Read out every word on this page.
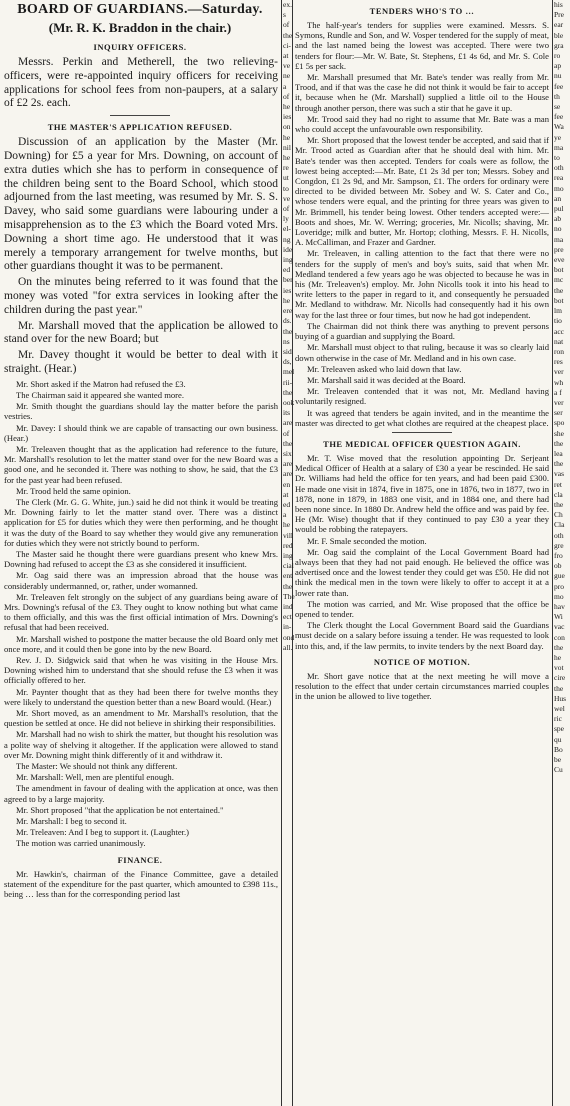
BOARD OF GUARDIANS.—Saturday.
(Mr. R. K. Braddon in the chair.)
INQUIRY OFFICERS.

Messrs. Perkin and Metherell, the two relieving-officers, were re-appointed inquiry officers for receiving applications for school fees from non-paupers, at a salary of £2 2s. each.

THE MASTER'S APPLICATION REFUSED.

Discussion of an application by the Master (Mr. Downing) for £5 a year for Mrs. Downing, on account of extra duties which she has to perform in consequence of the children being sent to the Board School, which stood adjourned from the last meeting, was resumed by Mr. S. S. Davey, who said some guardians were labouring under a misapprehension as to the £3 which the Board voted Mrs. Downing a short time ago. He understood that it was merely a temporary arrangement for twelve months, but other guardians thought it was to be permanent.

On the minutes being referred to it was found that the money was voted "for extra services in looking after the children during the past year."

Mr. Marshall moved that the application be allowed to stand over for the new Board; but

Mr. Davey thought it would be better to deal with it straight. (Hear.)

Mr. Short asked if the Matron had refused the £3.

The Chairman said it appeared she wanted more.

Mr. Smith thought the guardians should lay the matter before the parish vestries.

Mr. Davey: I should think we are capable of transacting our own business. (Hear.)

Mr. Treleaven thought that as the application had reference to the future, Mr. Marshall's resolution to let the matter stand over for the new Board was a good one, and he seconded it. There was nothing to show, he said, that the £3 for the past year had been refused.

Mr. Trood held the same opinion.

The Clerk (Mr. G. G. White, jun.) said he did not think it would be treating Mr. Downing fairly to let the matter stand over. There was a distinct application for £5 for duties which they were then performing, and he thought it was the duty of the Board to say whether they would give any remuneration for duties which they were not strictly bound to perform.

The Master said he thought there were guardians present who knew Mrs. Downing had refused to accept the £3 as she considered it insufficient.

Mr. Oag said there was an impression abroad that the house was considerably undermanned, or, rather, under womanned.

Mr. Treleaven felt strongly on the subject of any guardians being aware of Mrs. Downing's refusal of the £3. They ought to know nothing but what came to them officially, and this was the first official intimation of Mrs. Downing's refusal that had been received.

Mr. Marshall wished to postpone the matter because the old Board only met once more, and it could then be gone into by the new Board.

Rev. J. D. Sidgwick said that when he was visiting in the House Mrs. Downing wished him to understand that she should refuse the £3 when it was officially offered to her.

Mr. Paynter thought that as they had been there for twelve months they were likely to understand the question better than a new Board would. (Hear.)

Mr. Short moved, as an amendment to Mr. Marshall's resolution, that the question be settled at once. He did not believe in shirking their responsibilities.

Mr. Marshall had no wish to shirk the matter, but thought his resolution was a polite way of shelving it altogether. If the application were allowed to stand over Mr. Downing might think differently of it and withdraw it.

The Master: We should not think any different.

Mr. Marshall: Well, men are plentiful enough.

The amendment in favour of dealing with the application at once, was then agreed to by a large majority.

Mr. Short proposed "that the application be not entertained."

Mr. Marshall: I beg to second it.

Mr. Treleaven: And I beg to support it. (Laughter.)

The motion was carried unanimously.

FINANCE.

Mr. Hawkin's, chairman of the Finance Committee, gave a detailed statement of the expenditure for the past quarter, which amounted to £398 11s., being … less than for the corresponding period last

ex.
s
of
the
ci-
at
ve
ne
a
of
he
ies
on
he
nil
he
re
ut
to
ve
of
ly
el-
ng
ide
ing
ed
ber
ies
he
ere
ds.
the
ns
sid
ds,
mel
rii-
the
ook
its
are
of
the
six
are
are
en
at
ed
a
he
vill
red
ing
cial
ent
the
The
ind
ect
in-
ond
all.
TENDERS WHO'S TO …

The half-year's tenders for supplies were examined. Messrs. S. Symons, Rundle and Son, and W. Vosper tendered for the supply of meat, and the last named being the lowest was accepted. There were two tenders for flour:—Mr. W. Bate, St. Stephens, £1 4s 6d, and Mr. S. Cole £1 5s per sack.

Mr. Marshall presumed that Mr. Bate's tender was really from Mr. Trood, and if that was the case he did not think it would be fair to accept it, because when he (Mr. Marshall) supplied a little oil to the House through another person, there was such a stir that he gave it up.

Mr. Trood said they had no right to assume that Mr. Bate was a man who could accept the unfavourable own responsibility.

Mr. Short proposed that the lowest tender be accepted, and said that if Mr. Trood acted as Guardian after that he should deal with him. Mr. Bate's tender was then accepted. Tenders for coals were as follow, the lowest being accepted:—Mr. Bate, £1 2s 3d per ton; Messrs. Sobey and Congdon, £1 2s 9d, and Mr. Sampson, £1. The orders for ordinary were directed to be divided between Mr. Sobey and W. S. Cater and Co., whose tenders were equal, and the printing for three years was given to Mr. Brimmell, his tender being lowest. Other tenders accepted were:—Boots and shoes, Mr. W. Werring; groceries, Mr. Nicolls; shaving, Mr. Loveridge; milk and butter, Mr. Hortop; clothing, Messrs. F. H. Nicolls, A. McCalliman, and Frazer and Gardner.

Mr. Treleaven, in calling attention to the fact that there were no tenders for the supply of men's and boy's suits, said that when Mr. Medland tendered a few years ago he was objected to because he was in his (Mr. Treleaven's) employ. Mr. John Nicolls took it into his head to write letters to the paper in regard to it, and consequently he persuaded Mr. Medland to withdraw. Mr. Nicolls had consequently had it his own way for the last three or four times, but now he had got independent.

The Chairman did not think there was anything to prevent persons buying of a guardian and supplying the Board.

Mr. Marshall must object to that ruling, because it was so clearly laid down otherwise in the case of Mr. Medland and in his own case.

Mr. Treleaven asked who laid down that law.

Mr. Marshall said it was decided at the Board.

Mr. Treleaven contended that it was not, Mr. Medland having voluntarily resigned.

It was agreed that tenders be again invited, and in the meantime the master was directed to get what clothes are required at the cheapest place.

THE MEDICAL OFFICER QUESTION AGAIN.

Mr. T. Wise moved that the resolution appointing Dr. Serjeant Medical Officer of Health at a salary of £30 a year be rescinded. He said Dr. Williams had held the office for ten years, and had been paid £300. He made one visit in 1874, five in 1875, one in 1876, two in 1877, two in 1878, none in 1879, in 1883 one visit, and in 1884 one, and there had been none since. In 1880 Dr. Andrew held the office and was paid by fee. He (Mr. Wise) thought that if they continued to pay £30 a year they would be robbing the ratepayers.

Mr. F. Smale seconded the motion.

Mr. Oag said the complaint of the Local Government Board had always been that they had not paid enough. He believed the office was advertised once and the lowest tender they could get was £50. He did not think the medical men in the town were likely to offer to accept it at a lower rate than.

The motion was carried, and Mr. Wise proposed that the office be opened to tender.

The Clerk thought the Local Government Board said the Guardians must decide on a salary before issuing a tender. He was requested to look into this, and, if the law permits, to invite tenders by the next Board day.

NOTICE OF MOTION.

Mr. Short gave notice that at the next meeting he will move a resolution to the effect that under certain circumstances married couples in the union be allowed to live together.

his
Pre
ear
ble
gra
ro
ap
nu
fee
th
se
fee
Wa
ye
ma
to
oth
rea
mo
an
pul
ab
no
ma
pre
eve
bot
mc
the
bot
lm
tio
acc
nat
ron
res
ver
wh
a f
ver
ser
spo
she
the
lea
the
vas
ret
cla
the
Ch
Cla
oth
gre
fro
ob
gue
pro
mo
hav
Wi
vac
con
the
he
vot
cire
the
Hus
wel
ric
spe
qu
Bo
be
Cu
